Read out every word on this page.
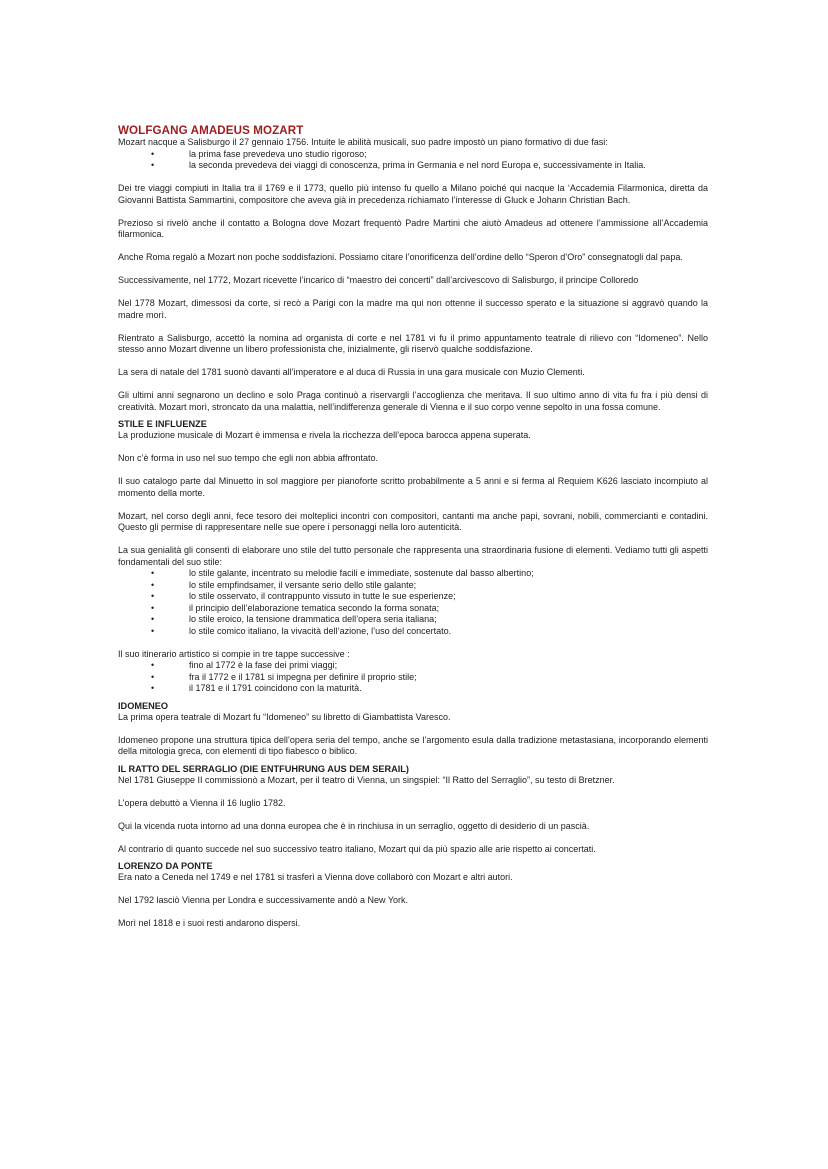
WOLFGANG AMADEUS MOZART

Mozart nacque a Salisburgo il 27 gennaio 1756. Intuite le abilità musicali, suo padre impostò un piano formativo di due fasi:

• la prima fase prevedeva uno studio rigoroso;
• la seconda prevedeva dei viaggi di conoscenza, prima in Germania e nel nord Europa e, successivamente in Italia.

Dei tre viaggi compiuti in Italia tra il 1769 e il 1773, quello più intenso fu quello a Milano poiché qui nacque la ‘Accademia Filarmonica, diretta da Giovanni Battista Sammartini, compositore che aveva già in precedenza richiamato l’interesse di Gluck e Johann Christian Bach.

Prezioso si rivelò anche il contatto a Bologna dove Mozart frequentò Padre Martini che aiutò Amadeus ad ottenere l’ammissione all’Accademia filarmonica.

Anche Roma regalò a Mozart non poche soddisfazioni. Possiamo citare l’onorificenza dell’ordine dello “Speron d’Oro” consegnatogli dal papa.

Successivamente, nel 1772, Mozart ricevette l’incarico di “maestro dei concerti” dall’arcivescovo di Salisburgo, il principe Colloredo

Nel 1778 Mozart, dimessosi da corte, si recò a Parigi con la madre ma qui non ottenne il successo sperato e la situazione si aggravò quando la madre morì.

Rientrato a Salisburgo, accettò la nomina ad organista di corte e nel 1781 vi fu il primo appuntamento teatrale di rilievo con “Idomeneo”. Nello stesso anno Mozart divenne un libero professionista che, inizialmente, gli riservò qualche soddisfazione.

La sera di natale del 1781 suonò davanti all’imperatore e al duca di Russia in una gara musicale con Muzio Clementi.

Gli ultimi anni segnarono un declino e solo Praga continuò a riservargli l’accoglienza che meritava. Il suo ultimo anno di vita fu fra i più densi di creatività. Mozart morì, stroncato da una malattia, nell’indifferenza generale di Vienna e il suo corpo venne sepolto in una fossa comune.

STILE E INFLUENZE

La produzione musicale di Mozart è immensa e rivela la ricchezza dell’epoca barocca appena superata.

Non c’è forma in uso nel suo tempo che egli non abbia affrontato.

Il suo catalogo parte dal Minuetto in sol maggiore per pianoforte scritto probabilmente a 5 anni e si ferma al Requiem K626 lasciato incompiuto al momento della morte.

Mozart, nel corso degli anni, fece tesoro dei molteplici incontri con compositori, cantanti ma anche papi, sovrani, nobili, commercianti e contadini. Questo gli permise di rappresentare nelle sue opere i personaggi nella loro autenticità.

La sua genialità gli consentì di elaborare uno stile del tutto personale che rappresenta una straordinaria fusione di elementi. Vediamo tutti gli aspetti fondamentali del suo stile:

• lo stile galante, incentrato su melodie facili e immediate, sostenute dal basso albertino;
• lo stile empfindsamer, il versante serio dello stile galante;
• lo stile osservato, il contrappunto vissuto in tutte le sue esperienze;
• il principio dell’elaborazione tematica secondo la forma sonata;
• lo stile eroico, la tensione drammatica dell’opera seria italiana;
• lo stile comico italiano, la vivacità dell’azione, l’uso del concertato.

Il suo itinerario artistico si compie in tre tappe successive :

• fino al 1772 è la fase dei primi viaggi;
• fra il 1772 e il 1781 si impegna per definire il proprio stile;
• il 1781 e il 1791 coincidono con la maturità.
IDOMENEO

La prima opera teatrale di Mozart fu “Idomeneo” su libretto di Giambattista Varesco.

Idomeneo propone una struttura tipica dell’opera seria del tempo, anche se l’argomento esula dalla tradizione metastasiana, incorporando elementi della mitologia greca, con elementi di tipo fiabesco o biblico.

IL RATTO DEL SERRAGLIO (DIE ENTFUHRUNG AUS DEM SERAIL)

Nel 1781 Giuseppe II commissionò a Mozart, per il teatro di Vienna, un singspiel: “Il Ratto del Serraglio”, su testo di Bretzner.

L’opera debuttò a Vienna il 16 luglio 1782.

Qui la vicenda ruota intorno ad una donna europea che è in rinchiusa in un serraglio, oggetto di desiderio di un pascià.

Al contrario di quanto succede nel suo successivo teatro italiano, Mozart qui da più spazio alle arie rispetto ai concertati.

LORENZO DA PONTE

Era nato a Ceneda nel 1749 e nel 1781 si trasferì a Vienna dove collaborò con Mozart e altri autori.

Nel 1792 lasciò Vienna per Londra e successivamente andò a New York.

Morì nel 1818 e i suoi resti andarono dispersi.
